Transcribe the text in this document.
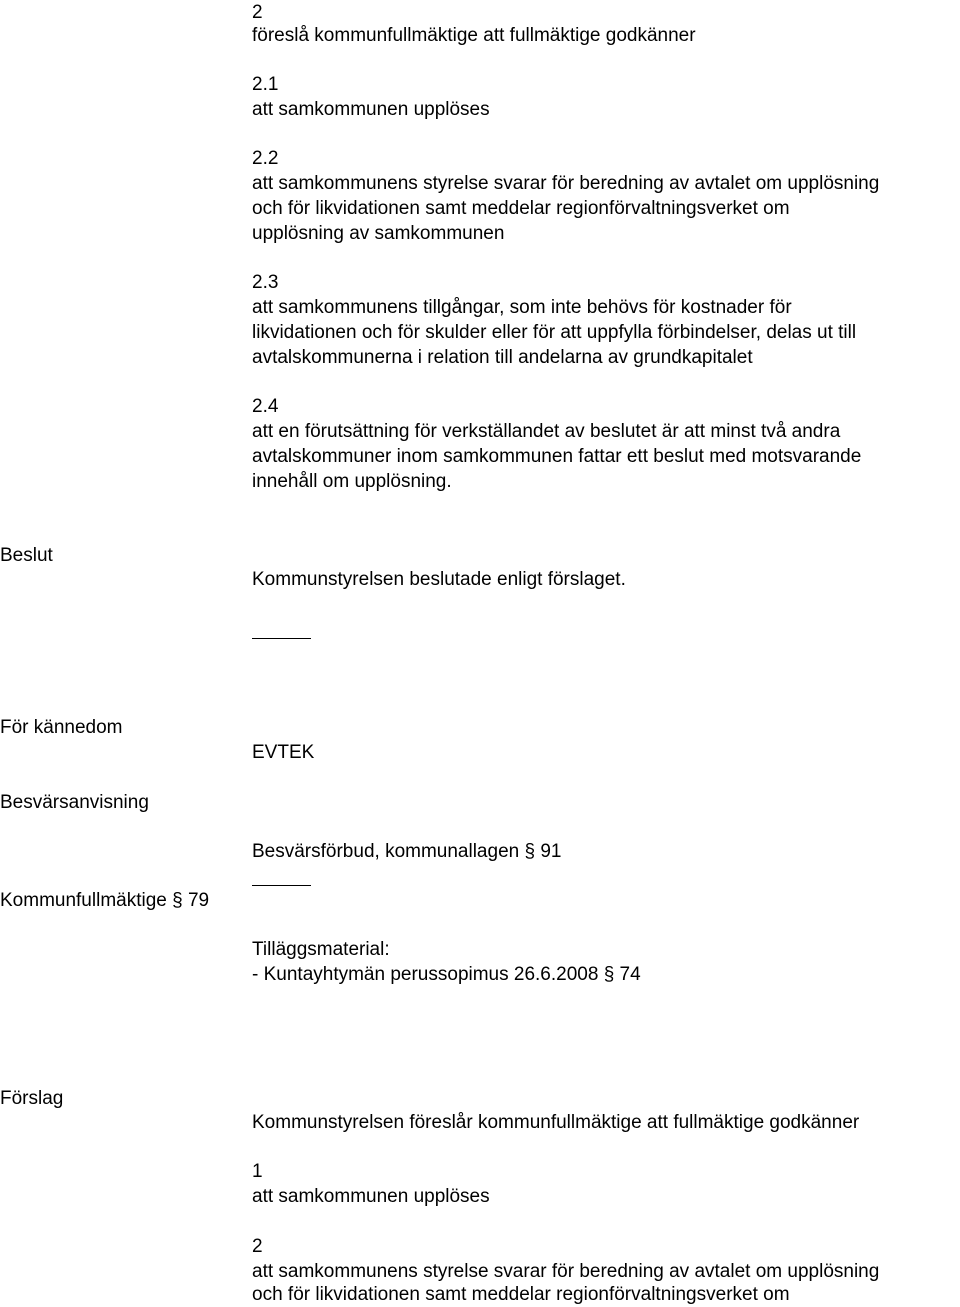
2

föreslå kommunfullmäktige att fullmäktige godkänner

2.1

att samkommunen upplöses

2.2

att samkommunens styrelse svarar för beredning av avtalet om upplösning

och för likvidationen samt meddelar regionförvaltningsverket om

upplösning av samkommunen

2.3

att samkommunens tillgångar, som inte behövs för kostnader för

likvidationen och för skulder eller för att uppfylla förbindelser, delas ut till

avtalskommunerna i relation till andelarna av grundkapitalet

2.4

att en förutsättning för verkställandet av beslutet är att minst två andra

avtalskommuner inom samkommunen fattar ett beslut med motsvarande

innehåll om upplösning.

Beslut

Kommunstyrelsen beslutade enligt förslaget.

För kännedom

EVTEK

Besvärsanvisning

Besvärsförbud, kommunallagen § 91

Kommunfullmäktige § 79

Tilläggsmaterial:

- Kuntayhtymän perussopimus 26.6.2008 § 74

Förslag

Kommunstyrelsen föreslår kommunfullmäktige att fullmäktige godkänner

1

att samkommunen upplöses

2

att samkommunens styrelse svarar för beredning av avtalet om upplösning

och för likvidationen samt meddelar regionförvaltningsverket om
